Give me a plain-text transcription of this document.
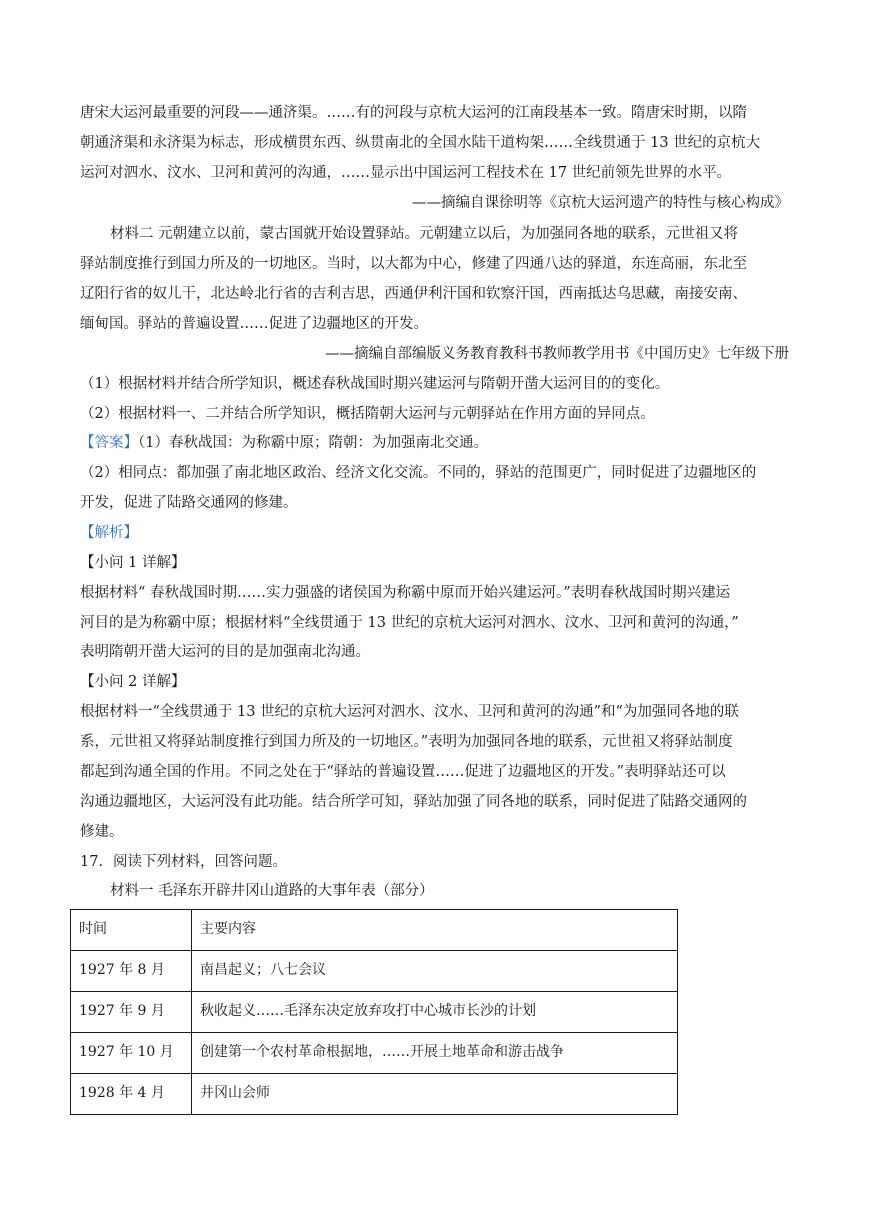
唐宋大运河最重要的河段——通济渠。……有的河段与京杭大运河的江南段基本一致。隋唐宋时期，以隋
朝通济渠和永济渠为标志，形成横贯东西、纵贯南北的全国水陆干道构架……全线贯通于 13 世纪的京杭大
运河对泗水、汶水、卫河和黄河的沟通，……显示出中国运河工程技术在 17 世纪前领先世界的水平。
——摘编自课徐明等《京杭大运河遗产的特性与核心构成》
材料二 元朝建立以前，蒙古国就开始设置驿站。元朝建立以后，为加强同各地的联系，元世祖又将
驿站制度推行到国力所及的一切地区。当时，以大都为中心，修建了四通八达的驿道，东连高丽，东北至
辽阳行省的奴儿干，北达岭北行省的吉利吉思，西通伊利汗国和钦察汗国，西南抵达乌思藏，南接安南、
缅甸国。驿站的普遍设置……促进了边疆地区的开发。
——摘编自部编版义务教育教科书教师教学用书《中国历史》七年级下册
（1）根据材料并结合所学知识，概述春秋战国时期兴建运河与隋朝开凿大运河目的的变化。
（2）根据材料一、二并结合所学知识，概括隋朝大运河与元朝驿站在作用方面的异同点。
【答案】（1）春秋战国：为称霸中原；隋朝：为加强南北交通。
（2）相同点：都加强了南北地区政治、经济文化交流。不同的，驿站的范围更广，同时促进了边疆地区的
开发，促进了陆路交通网的修建。
【解析】
【小问 1 详解】
根据材料“ 春秋战国时期……实力强盛的诸侯国为称霸中原而开始兴建运河。”表明春秋战国时期兴建运
河目的是为称霸中原；根据材料“全线贯通于 13 世纪的京杭大运河对泗水、汶水、卫河和黄河的沟通，”
表明隋朝开凿大运河的目的是加强南北沟通。
【小问 2 详解】
根据材料一“全线贯通于 13 世纪的京杭大运河对泗水、汶水、卫河和黄河的沟通”和“为加强同各地的联
系，元世祖又将驿站制度推行到国力所及的一切地区。”表明为加强同各地的联系，元世祖又将驿站制度
都起到沟通全国的作用。不同之处在于“驿站的普遍设置……促进了边疆地区的开发。”表明驿站还可以
沟通边疆地区，大运河没有此功能。结合所学可知，驿站加强了同各地的联系，同时促进了陆路交通网的
修建。
17．阅读下列材料，回答问题。
材料一 毛泽东开辟井冈山道路的大事年表（部分）
时间	主要内容
1927 年 8 月	南昌起义；八七会议
1927 年 9 月	秋收起义……毛泽东决定放弃攻打中心城市长沙的计划
1927 年 10 月	创建第一个农村革命根据地，……开展土地革命和游击战争
1928 年 4 月	井冈山会师
